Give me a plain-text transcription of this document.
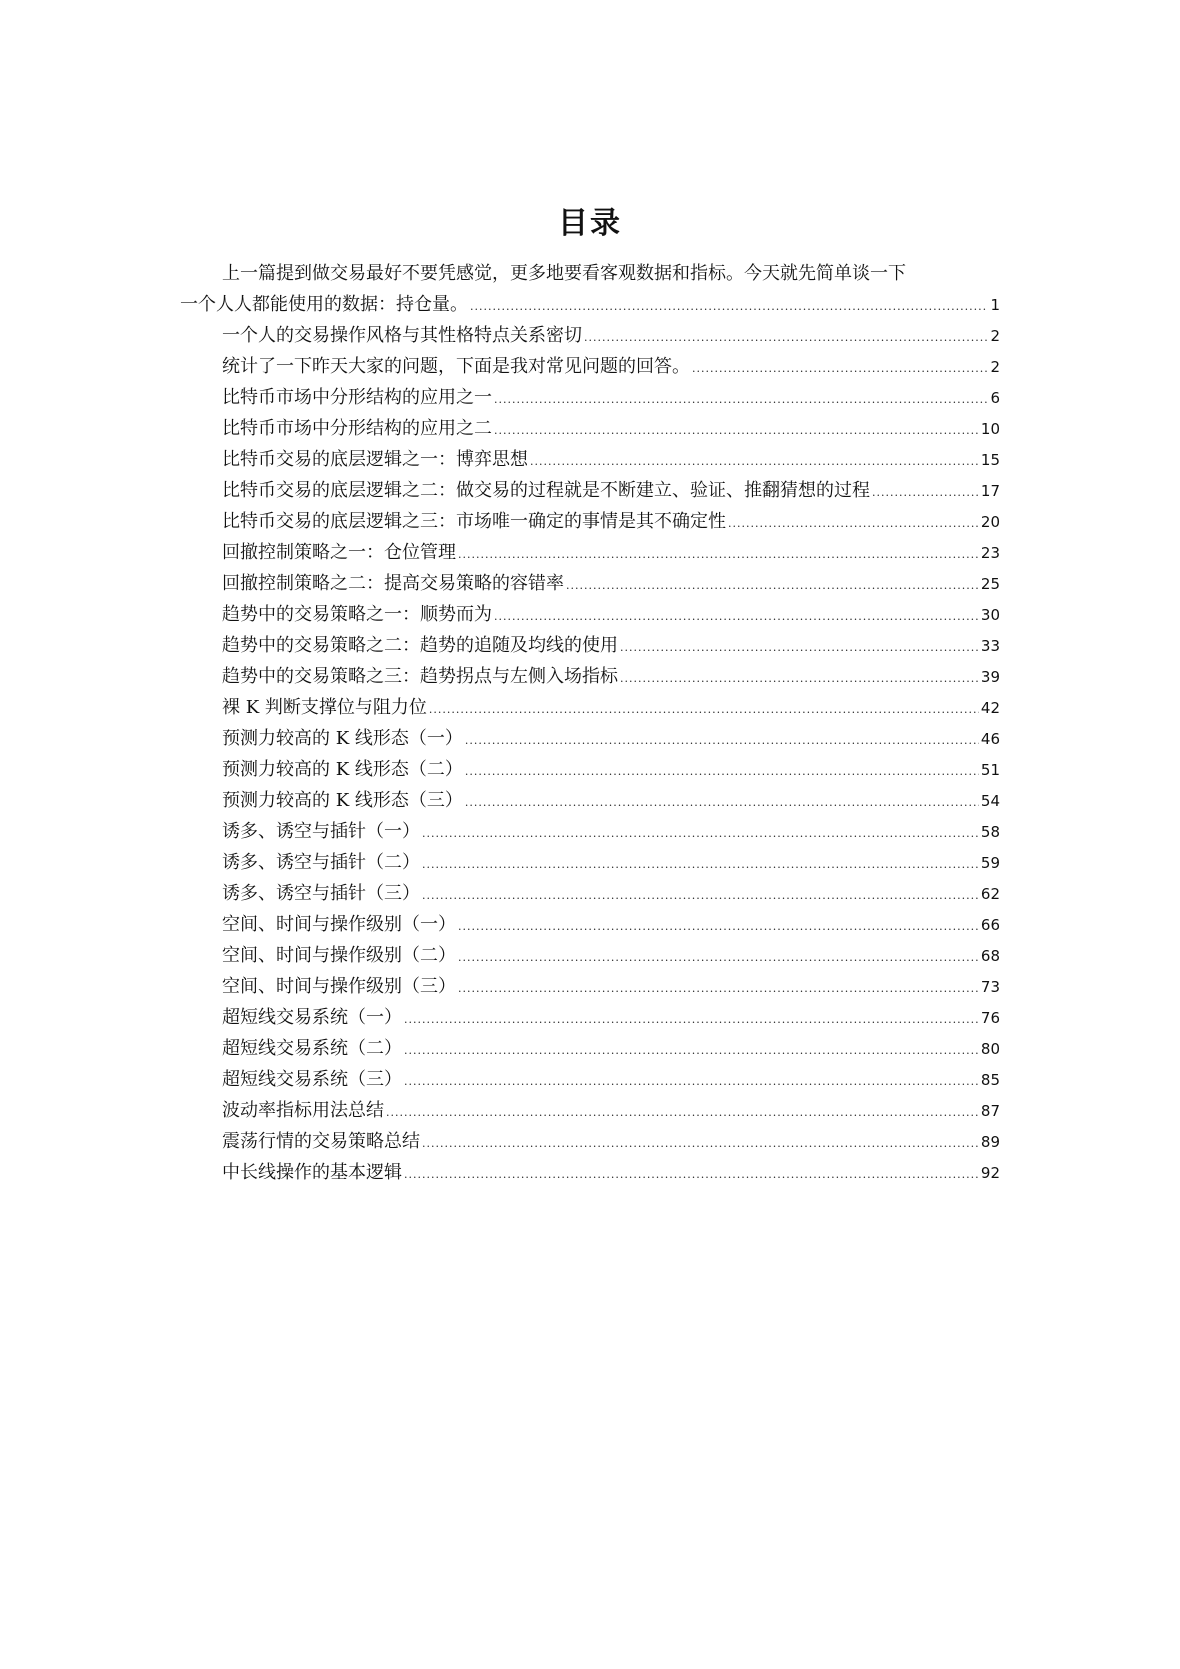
目录
上一篇提到做交易最好不要凭感觉，更多地要看客观数据和指标。今天就先简单谈一下
一个人人都能使用的数据：持仓量。 .....	1
一个人的交易操作风格与其性格特点关系密切 .....	2
统计了一下昨天大家的问题，下面是我对常见问题的回答。 .....	2
比特币市场中分形结构的应用之一 .....	6
比特币市场中分形结构的应用之二 .....	10
比特币交易的底层逻辑之一：博弈思想 .....	15
比特币交易的底层逻辑之二：做交易的过程就是不断建立、验证、推翻猜想的过程 .....	17
比特币交易的底层逻辑之三：市场唯一确定的事情是其不确定性 .....	20
回撤控制策略之一：仓位管理 .....	23
回撤控制策略之二：提高交易策略的容错率 .....	25
趋势中的交易策略之一：顺势而为 .....	30
趋势中的交易策略之二：趋势的追随及均线的使用 .....	33
趋势中的交易策略之三：趋势拐点与左侧入场指标 .....	39
裸 K 判断支撑位与阻力位 .....	42
预测力较高的 K 线形态（一） .....	46
预测力较高的 K 线形态（二） .....	51
预测力较高的 K 线形态（三） .....	54
诱多、诱空与插针（一） .....	58
诱多、诱空与插针（二） .....	59
诱多、诱空与插针（三） .....	62
空间、时间与操作级别（一） .....	66
空间、时间与操作级别（二） .....	68
空间、时间与操作级别（三） .....	73
超短线交易系统（一） .....	76
超短线交易系统（二） .....	80
超短线交易系统（三） .....	85
波动率指标用法总结 .....	87
震荡行情的交易策略总结 .....	89
中长线操作的基本逻辑 .....	92
